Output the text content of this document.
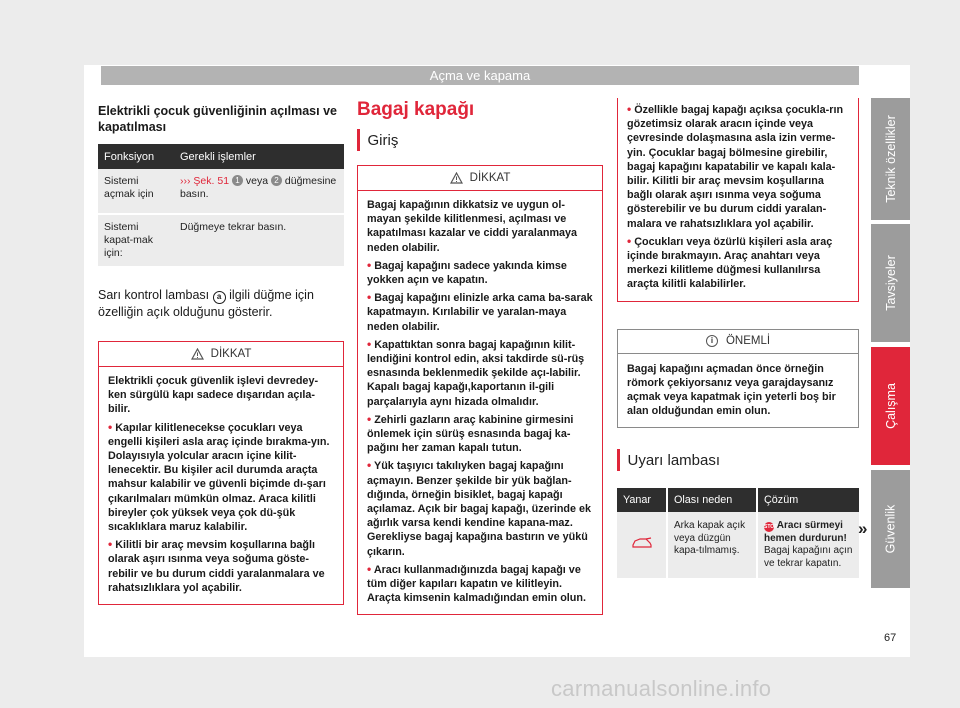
Açma ve kapama
Elektrikli çocuk güvenliğinin açılması ve kapatılması
Fonksiyon	Gerekli işlemler
Sistemi açmak için	››› Şek. 51 1 veya 2 düğmesine basın.
Sistemi kapat-mak için:	Düğmeye tekrar basın.
Sarı kontrol lambası a ilgili düğme için özelliğin açık olduğunu gösterir.
DİKKAT

Elektrikli çocuk güvenlik işlevi devredey-ken sürgülü kapı sadece dışarıdan açıla-bilir.

• Kapılar kilitlenecekse çocukları veya engelli kişileri asla araç içinde bırakma-yın. Dolayısıyla yolcular aracın içine kilit-lenecektir. Bu kişiler acil durumda araçta mahsur kalabilir ve güvenli biçimde dı-şarı çıkarılmaları mümkün olmaz. Araca kilitli bireyler çok yüksek veya çok dü-şük sıcaklıklara maruz kalabilir.

• Kilitli bir araç mevsim koşullarına bağlı olarak aşırı ısınma veya soğuma göste-rebilir ve bu durum ciddi yaralanmalara ve rahatsızlıklara yol açabilir.

Bagaj kapağı
Giriş
DİKKAT

Bagaj kapağının dikkatsiz ve uygun ol-mayan şekilde kilitlenmesi, açılması ve kapatılması kazalar ve ciddi yaralanmaya neden olabilir.

• Bagaj kapağını sadece yakında kimse yokken açın ve kapatın.

• Bagaj kapağını elinizle arka cama ba-sarak kapatmayın. Kırılabilir ve yaralan-maya neden olabilir.

• Kapattıktan sonra bagaj kapağının kilit-lendiğini kontrol edin, aksi takdirde sü-rüş esnasında beklenmedik şekilde açı-labilir. Kapalı bagaj kapağı,kaportanın il-gili parçalarıyla aynı hizada olmalıdır.

• Zehirli gazların araç kabinine girmesini önlemek için sürüş esnasında bagaj ka-pağını her zaman kapalı tutun.

• Yük taşıyıcı takılıyken bagaj kapağını açmayın. Benzer şekilde bir yük bağlan-dığında, örneğin bisiklet, bagaj kapağı açılamaz. Açık bir bagaj kapağı, üzerinde ek ağırlık varsa kendi kendine kapana-maz. Gerekliyse bagaj kapağına bastırın ve yükü çıkarın.

• Aracı kullanmadığınızda bagaj kapağı ve tüm diğer kapıları kapatın ve kilitleyin. Araçta kimsenin kalmadığından emin olun.

• Özellikle bagaj kapağı açıksa çocukla-rın gözetimsiz olarak aracın içinde veya çevresinde dolaşmasına asla izin verme-yin. Çocuklar bagaj bölmesine girebilir, bagaj kapağını kapatabilir ve kapalı kala-bilir. Kilitli bir araç mevsim koşullarına bağlı olarak aşırı ısınma veya soğuma gösterebilir ve bu durum ciddi yaralan-malara ve rahatsızlıklara yol açabilir.

• Çocukları veya özürlü kişileri asla araç içinde bırakmayın. Araç anahtarı veya merkezi kilitleme düğmesi kullanılırsa araçta kilitli kalabilirler.

i	ÖNEMLİ
Bagaj kapağını açmadan önce örneğin römork çekiyorsanız veya garajdaysanız açmak veya kapatmak için yeterli boş bir alan olduğundan emin olun.
Uyarı lambası
Yanar	Olası neden	Çözüm
	Arka kapak açık veya düzgün kapa-tılmamış.	STOP Aracı sürmeyi hemen durdurun!
Bagaj kapağını açın ve tekrar kapatın.
»
Teknik özellikler
Tavsiyeler
Çalışma
Güvenlik
67
carmanualsonline.info
